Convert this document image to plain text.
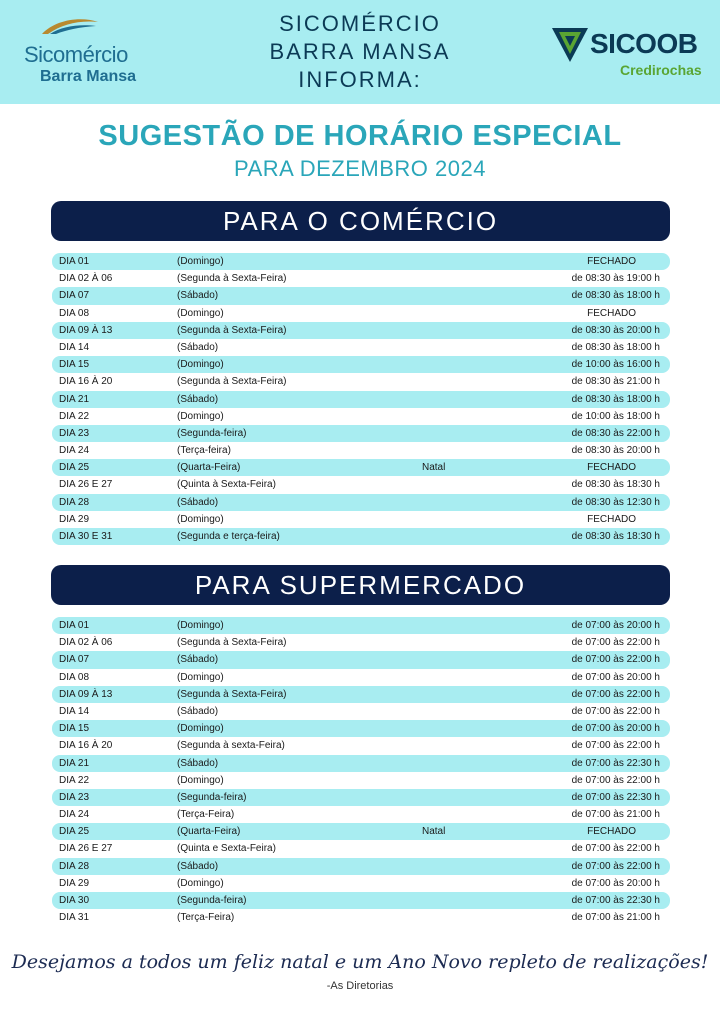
Sicomércio
Barra Mansa
SICOMÉRCIO
BARRA MANSA
INFORMA:
SICOOB
Credirochas
SUGESTÃO DE HORÁRIO ESPECIAL
PARA DEZEMBRO 2024
PARA O COMÉRCIO
DIA 01	(Domingo)	FECHADO
DIA 02 À 06	(Segunda à Sexta-Feira)	de 08:30 às 19:00 h
DIA 07	(Sábado)	de 08:30 às 18:00 h
DIA 08	(Domingo)	FECHADO
DIA 09 À 13	(Segunda à Sexta-Feira)	de 08:30 às 20:00 h
DIA 14	(Sábado)	de 08:30 às 18:00 h
DIA 15	(Domingo)	de 10:00 às 16:00 h
DIA 16 À 20	(Segunda à Sexta-Feira)	de 08:30 às 21:00 h
DIA 21	(Sábado)	de 08:30 às 18:00 h
DIA 22	(Domingo)	de 10:00 às 18:00 h
DIA 23	(Segunda-feira)	de 08:30 às 22:00 h
DIA 24	(Terça-feira)	de 08:30 às 20:00 h
DIA 25	(Quarta-Feira)	Natal	FECHADO
DIA 26 E 27	(Quinta à Sexta-Feira)	de 08:30 às 18:30 h
DIA 28	(Sábado)	de 08:30 às 12:30 h
DIA 29	(Domingo)	FECHADO
DIA 30 E 31	(Segunda e terça-feira)	de 08:30 às 18:30 h
PARA SUPERMERCADO
DIA 01	(Domingo)	de 07:00 às 20:00 h
DIA 02 À 06	(Segunda à Sexta-Feira)	de 07:00 às 22:00 h
DIA 07	(Sábado)	de 07:00 às 22:00 h
DIA 08	(Domingo)	de 07:00 às 20:00 h
DIA 09 À 13	(Segunda à Sexta-Feira)	de 07:00 às 22:00 h
DIA 14	(Sábado)	de 07:00 às 22:00 h
DIA 15	(Domingo)	de 07:00 às 20:00 h
DIA 16 À 20	(Segunda à sexta-Feira)	de 07:00 às 22:00 h
DIA 21	(Sábado)	de 07:00 às 22:30 h
DIA 22	(Domingo)	de 07:00 às 22:00 h
DIA 23	(Segunda-feira)	de 07:00 às 22:30 h
DIA 24	(Terça-Feira)	de 07:00 às 21:00 h
DIA 25	(Quarta-Feira)	Natal	FECHADO
DIA 26 E 27	(Quinta e Sexta-Feira)	de 07:00 às 22:00 h
DIA 28	(Sábado)	de 07:00 às 22:00 h
DIA 29	(Domingo)	de 07:00 às 20:00 h
DIA 30	(Segunda-feira)	de 07:00 às 22:30 h
DIA 31	(Terça-Feira)	de 07:00 às 21:00 h
Desejamos a todos um feliz natal e um Ano Novo repleto de realizações!
-As Diretorias
